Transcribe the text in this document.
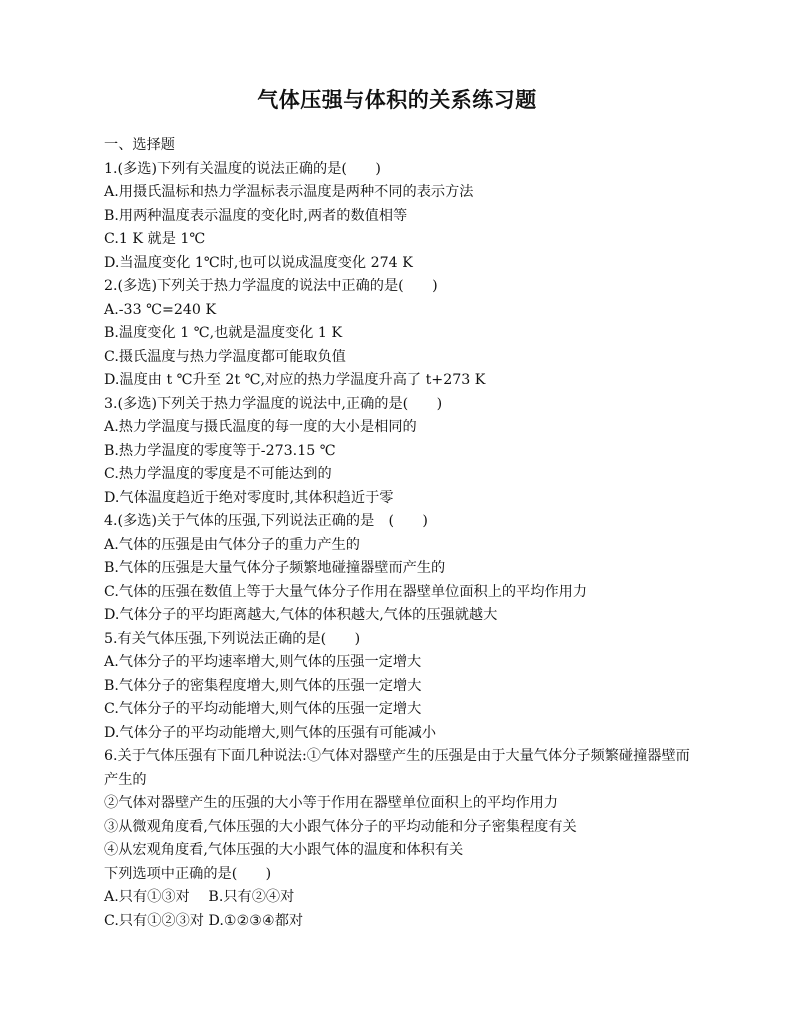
气体压强与体积的关系练习题
一、选择题
1.(多选)下列有关温度的说法正确的是(　　)
A.用摄氏温标和热力学温标表示温度是两种不同的表示方法
B.用两种温度表示温度的变化时,两者的数值相等
C.1 K 就是 1℃
D.当温度变化 1℃时,也可以说成温度变化 274 K
2.(多选)下列关于热力学温度的说法中正确的是(　　)
A.-33 ℃=240 K
B.温度变化 1 ℃,也就是温度变化 1 K
C.摄氏温度与热力学温度都可能取负值
D.温度由 t ℃升至 2t ℃,对应的热力学温度升高了 t+273 K
3.(多选)下列关于热力学温度的说法中,正确的是(　　)
A.热力学温度与摄氏温度的每一度的大小是相同的
B.热力学温度的零度等于-273.15 ℃
C.热力学温度的零度是不可能达到的
D.气体温度趋近于绝对零度时,其体积趋近于零
4.(多选)关于气体的压强,下列说法正确的是　(　　)
A.气体的压强是由气体分子的重力产生的
B.气体的压强是大量气体分子频繁地碰撞器壁而产生的
C.气体的压强在数值上等于大量气体分子作用在器壁单位面积上的平均作用力
D.气体分子的平均距离越大,气体的体积越大,气体的压强就越大
5.有关气体压强,下列说法正确的是(　　)
A.气体分子的平均速率增大,则气体的压强一定增大
B.气体分子的密集程度增大,则气体的压强一定增大
C.气体分子的平均动能增大,则气体的压强一定增大
D.气体分子的平均动能增大,则气体的压强有可能减小
6.关于气体压强有下面几种说法:①气体对器壁产生的压强是由于大量气体分子频繁碰撞器壁而产生的
②气体对器壁产生的压强的大小等于作用在器壁单位面积上的平均作用力
③从微观角度看,气体压强的大小跟气体分子的平均动能和分子密集程度有关
④从宏观角度看,气体压强的大小跟气体的温度和体积有关
下列选项中正确的是(　　)
A.只有①③对　 B.只有②④对
C.只有①②③对 D.①②③④都对
